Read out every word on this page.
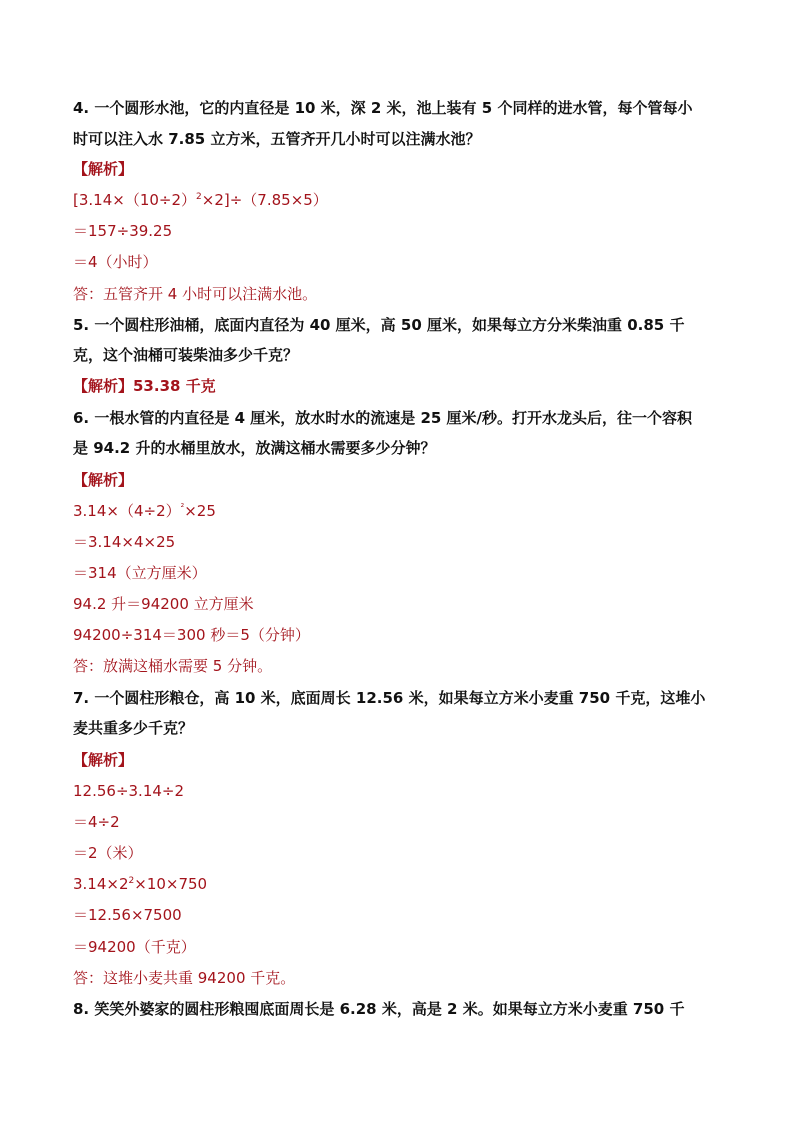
4. 一个圆形水池，它的内直径是 10 米，深 2 米，池上装有 5 个同样的进水管，每个管每小
时可以注入水 7.85 立方米，五管齐开几小时可以注满水池？
【解析】
$[3.14\times(10\div 2)^2\times 2]\div(7.85\times 5)$
＝157÷39.25
＝4（小时）
答：五管齐开 4 小时可以注满水池。
5. 一个圆柱形油桶，底面内直径为 40 厘米，高 50 厘米，如果每立方分米柴油重 0.85 千
克，这个油桶可装柴油多少千克？
【解析】53.38 千克
6. 一根水管的内直径是 4 厘米，放水时水的流速是 25 厘米/秒。打开水龙头后，往一个容积
是 94.2 升的水桶里放水，放满这桶水需要多少分钟？
【解析】
$3.14\times(4\div 2)^{^2}\times 25$
＝3.14×4×25
＝314（立方厘米）
94.2 升＝94200 立方厘米
94200÷314＝300 秒＝5（分钟）
答：放满这桶水需要 5 分钟。
7. 一个圆柱形粮仓，高 10 米，底面周长 12.56 米，如果每立方米小麦重 750 千克，这堆小
麦共重多少千克？
【解析】
12.56÷3.14÷2
＝4÷2
＝2（米）
$3.14\times 2^2\times 10\times 750$
＝12.56×7500
＝94200（千克）
答：这堆小麦共重 94200 千克。
8. 笑笑外婆家的圆柱形粮囤底面周长是 6.28 米，高是 2 米。如果每立方米小麦重 750 千
